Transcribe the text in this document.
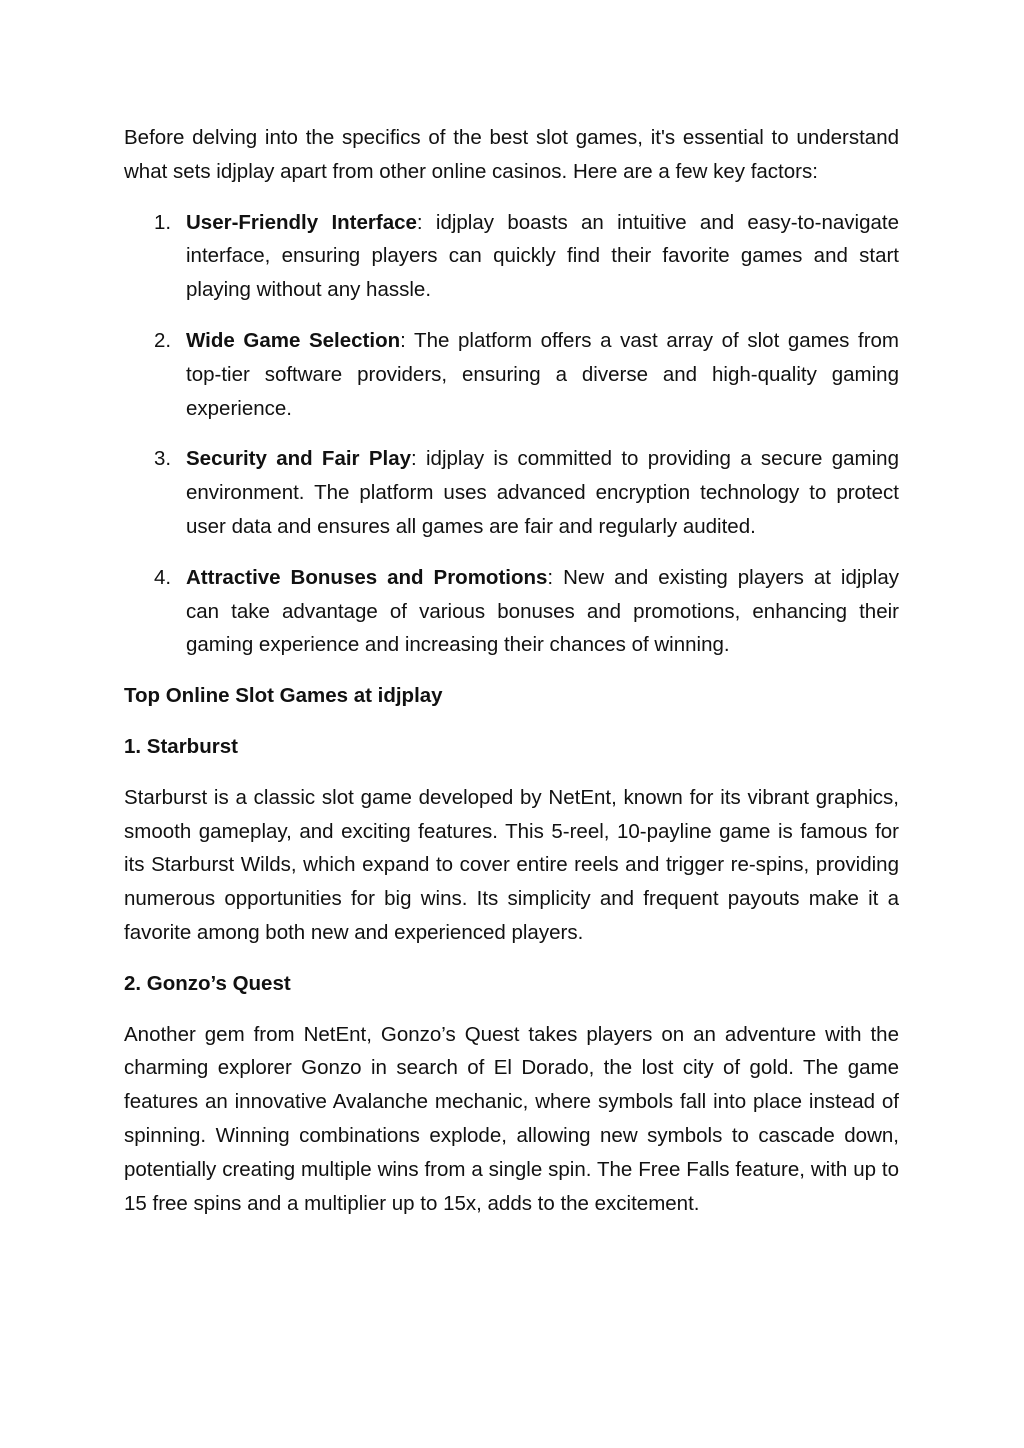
Before delving into the specifics of the best slot games, it's essential to understand what sets idjplay apart from other online casinos. Here are a few key factors:

1. User-Friendly Interface: idjplay boasts an intuitive and easy-to-navigate interface, ensuring players can quickly find their favorite games and start playing without any hassle.
2. Wide Game Selection: The platform offers a vast array of slot games from top-tier software providers, ensuring a diverse and high-quality gaming experience.
3. Security and Fair Play: idjplay is committed to providing a secure gaming environment. The platform uses advanced encryption technology to protect user data and ensures all games are fair and regularly audited.
4. Attractive Bonuses and Promotions: New and existing players at idjplay can take advantage of various bonuses and promotions, enhancing their gaming experience and increasing their chances of winning.
Top Online Slot Games at idjplay
1. Starburst

Starburst is a classic slot game developed by NetEnt, known for its vibrant graphics, smooth gameplay, and exciting features. This 5-reel, 10-payline game is famous for its Starburst Wilds, which expand to cover entire reels and trigger re-spins, providing numerous opportunities for big wins. Its simplicity and frequent payouts make it a favorite among both new and experienced players.

2. Gonzo’s Quest

Another gem from NetEnt, Gonzo’s Quest takes players on an adventure with the charming explorer Gonzo in search of El Dorado, the lost city of gold. The game features an innovative Avalanche mechanic, where symbols fall into place instead of spinning. Winning combinations explode, allowing new symbols to cascade down, potentially creating multiple wins from a single spin. The Free Falls feature, with up to 15 free spins and a multiplier up to 15x, adds to the excitement.
